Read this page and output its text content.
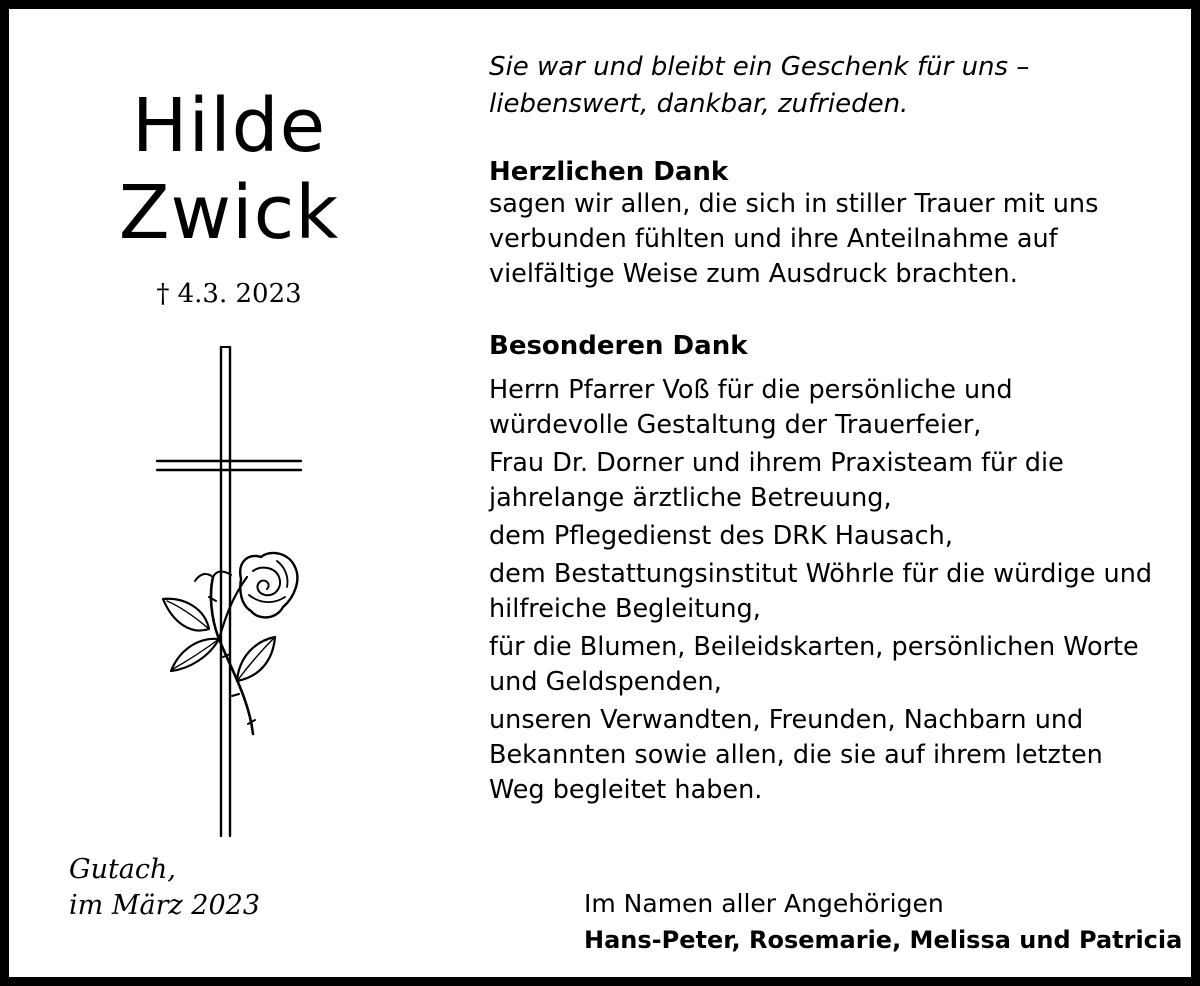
Hilde
Zwick
† 4.3. 2023
Gutach,
im März 2023
Sie war und bleibt ein Geschenk für uns –
liebenswert, dankbar, zufrieden.
Herzlichen Dank
sagen wir allen, die sich in stiller Trauer mit uns
verbunden fühlten und ihre Anteilnahme auf
vielfältige Weise zum Ausdruck brachten.
Besonderen Dank
Herrn Pfarrer Voß für die persönliche und
würdevolle Gestaltung der Trauerfeier,
Frau Dr. Dorner und ihrem Praxisteam für die
jahrelange ärztliche Betreuung,
dem Pflegedienst des DRK Hausach,
dem Bestattungsinstitut Wöhrle für die würdige und
hilfreiche Begleitung,
für die Blumen, Beileidskarten, persönlichen Worte
und Geldspenden,
unseren Verwandten, Freunden, Nachbarn und
Bekannten sowie allen, die sie auf ihrem letzten
Weg begleitet haben.
Im Namen aller Angehörigen
Hans-Peter, Rosemarie, Melissa und Patricia
